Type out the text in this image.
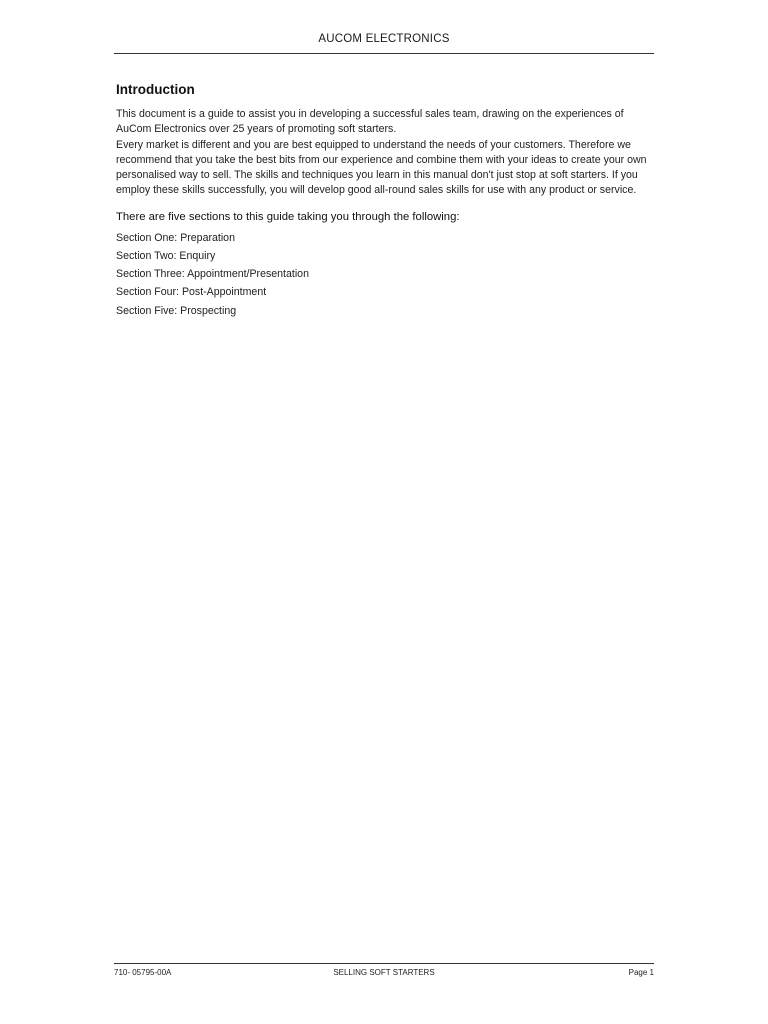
AUCOM ELECTRONICS
Introduction

This document is a guide to assist you in developing a successful sales team, drawing on the experiences of AuCom Electronics over 25 years of promoting soft starters.

Every market is different and you are best equipped to understand the needs of your customers. Therefore we recommend that you take the best bits from our experience and combine them with your ideas to create your own personalised way to sell. The skills and techniques you learn in this manual don't just stop at soft starters. If you employ these skills successfully, you will develop good all-round sales skills for use with any product or service.

There are five sections to this guide taking you through the following:

Section One: Preparation
Section Two: Enquiry
Section Three: Appointment/Presentation
Section Four: Post-Appointment
Section Five: Prospecting
710- 05795-00A	SELLING SOFT STARTERS	Page 1
